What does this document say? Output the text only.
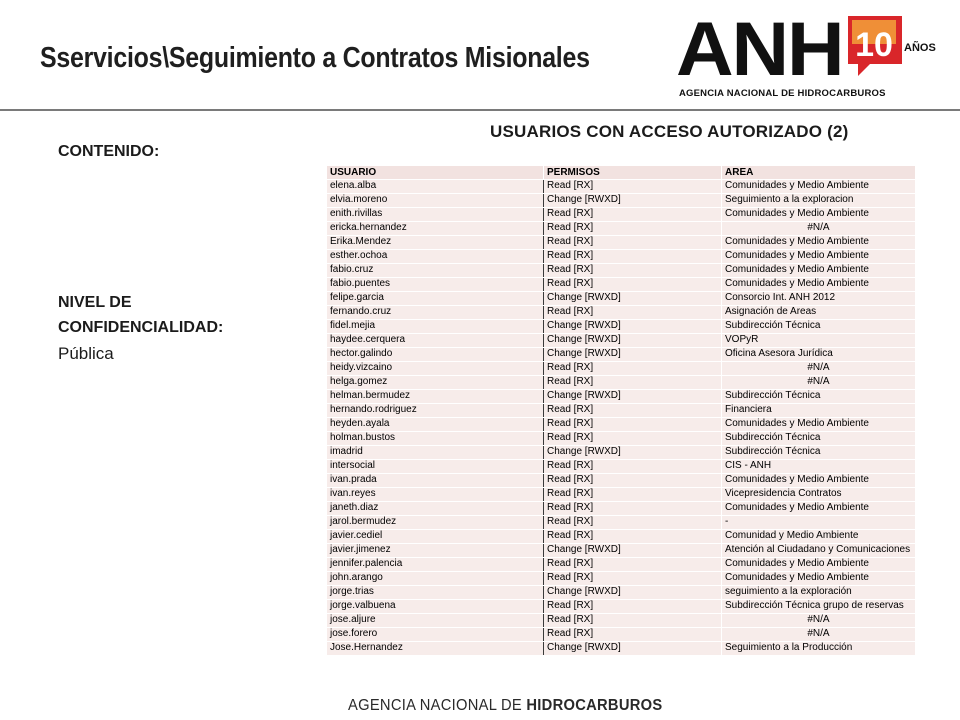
Sservicios\Seguimiento a Contratos Misionales ANH
AGENCIA NACIONAL DE HIDROCARBUROS
10 AÑOS
USUARIOS CON ACCESO AUTORIZADO (2)
CONTENIDO:
NIVEL DE CONFIDENCIALIDAD:
Pública
USUARIO	PERMISOS	AREA
elena.alba	Read [RX]	Comunidades y Medio Ambiente
elvia.moreno	Change [RWXD]	Seguimiento a la exploracion
enith.rivillas	Read [RX]	Comunidades y Medio Ambiente
ericka.hernandez	Read [RX]	#N/A
Erika.Mendez	Read [RX]	Comunidades y Medio Ambiente
esther.ochoa	Read [RX]	Comunidades y Medio Ambiente
fabio.cruz	Read [RX]	Comunidades y Medio Ambiente
fabio.puentes	Read [RX]	Comunidades y Medio Ambiente
felipe.garcia	Change [RWXD]	Consorcio Int. ANH 2012
fernando.cruz	Read [RX]	Asignación de Areas
fidel.mejia	Change [RWXD]	Subdirección Técnica
haydee.cerquera	Change [RWXD]	VOPyR
hector.galindo	Change [RWXD]	Oficina Asesora Jurídica
heidy.vizcaino	Read [RX]	#N/A
helga.gomez	Read [RX]	#N/A
helman.bermudez	Change [RWXD]	Subdirección Técnica
hernando.rodriguez	Read [RX]	Financiera
heyden.ayala	Read [RX]	Comunidades y Medio Ambiente
holman.bustos	Read [RX]	Subdirección Técnica
imadrid	Change [RWXD]	Subdirección Técnica
intersocial	Read [RX]	CIS - ANH
ivan.prada	Read [RX]	Comunidades y Medio Ambiente
ivan.reyes	Read [RX]	Vicepresidencia Contratos
janeth.diaz	Read [RX]	Comunidades y Medio Ambiente
jarol.bermudez	Read [RX]	-
javier.cediel	Read [RX]	Comunidad y Medio Ambiente
javier.jimenez	Change [RWXD]	Atención al Ciudadano y Comunicaciones
jennifer.palencia	Read [RX]	Comunidades y Medio Ambiente
john.arango	Read [RX]	Comunidades y Medio Ambiente
jorge.trias	Change [RWXD]	seguimiento a la exploración
jorge.valbuena	Read [RX]	Subdirección Técnica grupo de reservas
jose.aljure	Read [RX]	#N/A
jose.forero	Read [RX]	#N/A
Jose.Hernandez	Change [RWXD]	Seguimiento a la Producción
AGENCIA NACIONAL DE HIDROCARBUROS
